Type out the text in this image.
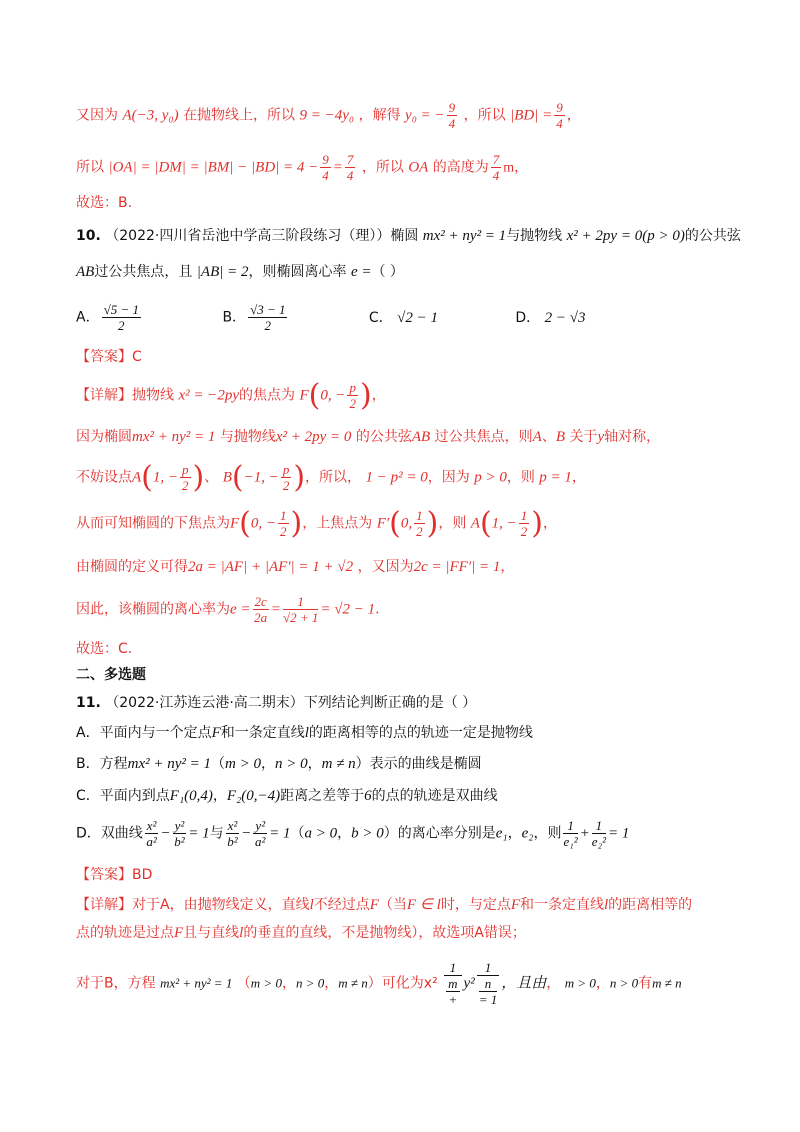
又因为 A(−3, y₀) 在抛物线上，所以 9 = −4y₀ ，解得 y₀ = − $\frac{9}{4}$ ，所以 $|BD| = \frac{9}{4}$ ，
所以 $|OA| = |DM| = |BM| - |BD| = 4 - \frac{9}{4} = \frac{7}{4}$ ，所以 OA 的高度为 $\frac{7}{4}$ m，
故选：B.
10. （2022·四川省岳池中学高三阶段练习（理））椭圆 mx² + ny² = 1与抛物线 x² + 2py = 0(p > 0)的公共弦
AB过公共焦点，且 |AB| = 2，则椭圆离心率 e =（ ）
A． $\frac{√5 - 1}{2}$	B． $\frac{√3 - 1}{2}$	C． √2 − 1	D． 2 − √3
【答案】C
【详解】抛物线 x² = −2py的焦点为 F(0, − $\frac{p}{2}$ )，
因为椭圆mx² + ny² = 1 与抛物线x² + 2py = 0 的公共弦AB 过公共焦点，则A、B 关于y轴对称，
不妨设点A(1, − $\frac{p}{2}$ )、 B(−1, − $\frac{p}{2}$ )，所以， 1 − p² = 0，因为 p > 0，则 p = 1，
从而可知椭圆的下焦点为F(0, − $\frac{1}{2}$ )，上焦点为 F′(0, $\frac{1}{2}$ )，则 A(1, − $\frac{1}{2}$ )，
由椭圆的定义可得2a = |AF| + |AF′| = 1 + √2 ，又因为2c = |FF′| = 1，
因此，该椭圆的离心率为$e = \frac{2c}{2a} = \frac{1}{√2 + 1} = √2 - 1$.
故选：C.
二、多选题
11. （2022·江苏连云港·高二期末）下列结论判断正确的是（ ）
A．平面内与一个定点F和一条定直线l的距离相等的点的轨迹一定是抛物线
B．方程mx² + ny² = 1（m > 0，n > 0，m ≠ n）表示的曲线是椭圆
C．平面内到点F₁(0,4)，F₂(0,−4)距离之差等于6的点的轨迹是双曲线
D．双曲线 $\frac{\text{x²}}{\text{a²}} - \frac{\text{y²}}{\text{b²}} = 1$与 $\frac{\text{x²}}{\text{b²}} - \frac{\text{y²}}{\text{a²}} = 1(a > 0$，b > 0）的离心率分别是e₁，e₂，则 $\frac{1}{\text{e₁²}} + \frac{1}{\text{e₂²}} = 1$
【答案】BD
【详解】对于A，由抛物线定义，直线l不经过点F（当F ∈ l时，与定点F和一条定直线l的距离相等的
点的轨迹是过点F且与直线l的垂直的直线，不是抛物线），故选项A错误；
对于B，方程 mx² + ny² = 1 （m > 0，n > 0，m ≠ n）可化为$x^2 \frac{1}{\frac{m}{+}} y^2 \frac{1}{\frac{n}{= 1}}$ ，且由， m > 0，n > 0有m ≠ n
